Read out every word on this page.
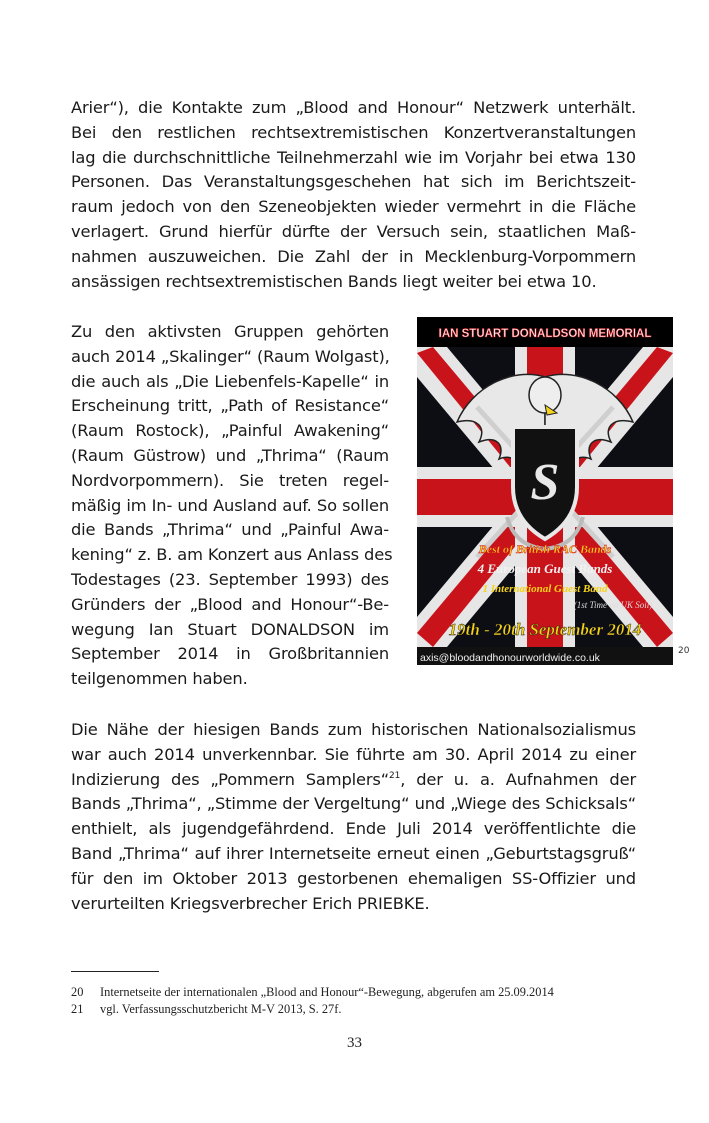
Arier“), die Kontakte zum „Blood and Honour“ Netzwerk unterhält.
Bei den restlichen rechtsextremistischen Konzertveranstaltungen
lag die durchschnittliche Teilnehmerzahl wie im Vorjahr bei etwa 130
Personen. Das Veranstaltungsgeschehen hat sich im Berichtszeit-
raum jedoch von den Szeneobjekten wieder vermehrt in die Fläche
verlagert. Grund hierfür dürfte der Versuch sein, staatlichen Maß-
nahmen auszuweichen. Die Zahl der in Mecklenburg-Vorpommern
ansässigen rechtsextremistischen Bands liegt weiter bei etwa 10.
Zu den aktivsten Gruppen gehörten
auch 2014 „Skalinger“ (Raum Wolgast),
die auch als „Die Liebenfels-Kapelle“ in
Erscheinung tritt, „Path of Resistance“
(Raum Rostock), „Painful Awakening“
(Raum Güstrow) und „Thrima“ (Raum
Nordvorpommern). Sie treten regel-
mäßig im In- und Ausland auf. So sollen
die Bands „Thrima“ und „Painful Awa-
kening“ z. B. am Konzert aus Anlass des
Todestages (23. September 1993) des
Gründers der „Blood and Honour“-Be-
wegung Ian Stuart DONALDSON im
September 2014 in Großbritannien
teilgenommen haben.
IAN STUART DONALDSON MEMORIAL
S
Best of British RAC Bands
4 European Guest Bands
1 International Guest Band
(1st Time on UK Soil)
19th - 20th September 2014
axis@bloodandhonourworldwide.co.uk
20
Die Nähe der hiesigen Bands zum historischen Nationalsozialismus
war auch 2014 unverkennbar. Sie führte am 30. April 2014 zu einer
Indizierung des „Pommern Samplers“$^{21}$, der u. a. Aufnahmen der
Bands „Thrima“, „Stimme der Vergeltung“ und „Wiege des Schicksals“
enthielt, als jugendgefährdend. Ende Juli 2014 veröffentlichte die
Band „Thrima“ auf ihrer Internetseite erneut einen „Geburtstagsgruß“
für den im Oktober 2013 gestorbenen ehemaligen SS-Offizier und
verurteilten Kriegsverbrecher Erich PRIEBKE.
20 Internetseite der internationalen „Blood and Honour“-Bewegung, abgerufen am 25.09.2014
21 vgl. Verfassungsschutzbericht M-V 2013, S. 27f.
33
